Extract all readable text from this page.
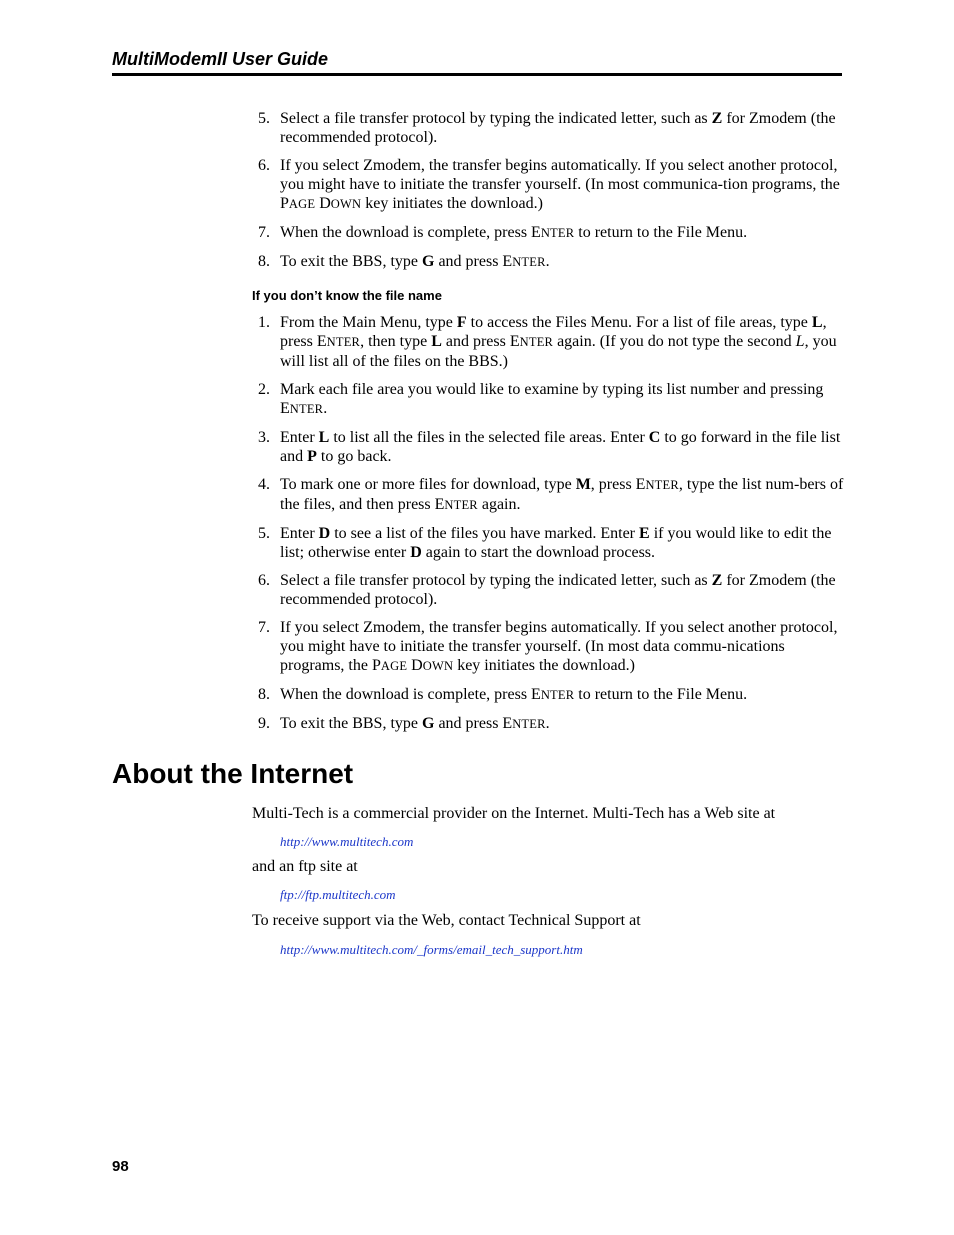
MultiModemII User Guide
5. Select a file transfer protocol by typing the indicated letter, such as Z for Zmodem (the recommended protocol).
6. If you select Zmodem, the transfer begins automatically. If you select another protocol, you might have to initiate the transfer yourself. (In most communica-tion programs, the PAGE DOWN key initiates the download.)
7. When the download is complete, press ENTER to return to the File Menu.
8. To exit the BBS, type G and press ENTER.
If you don’t know the file name
1. From the Main Menu, type F to access the Files Menu. For a list of file areas, type L, press ENTER, then type L and press ENTER again. (If you do not type the second L, you will list all of the files on the BBS.)
2. Mark each file area you would like to examine by typing its list number and pressing ENTER.
3. Enter L to list all the files in the selected file areas. Enter C to go forward in the file list and P to go back.
4. To mark one or more files for download, type M, press ENTER, type the list num-bers of the files, and then press ENTER again.
5. Enter D to see a list of the files you have marked. Enter E if you would like to edit the list; otherwise enter D again to start the download process.
6. Select a file transfer protocol by typing the indicated letter, such as Z for Zmodem (the recommended protocol).
7. If you select Zmodem, the transfer begins automatically. If you select another protocol, you might have to initiate the transfer yourself. (In most data commu-nications programs, the PAGE DOWN key initiates the download.)
8. When the download is complete, press ENTER to return to the File Menu.
9. To exit the BBS, type G and press ENTER.
About the Internet
Multi-Tech is a commercial provider on the Internet. Multi-Tech has a Web site at
http://www.multitech.com
and an ftp site at
ftp://ftp.multitech.com
To receive support via the Web, contact Technical Support at
http://www.multitech.com/_forms/email_tech_support.htm
98
